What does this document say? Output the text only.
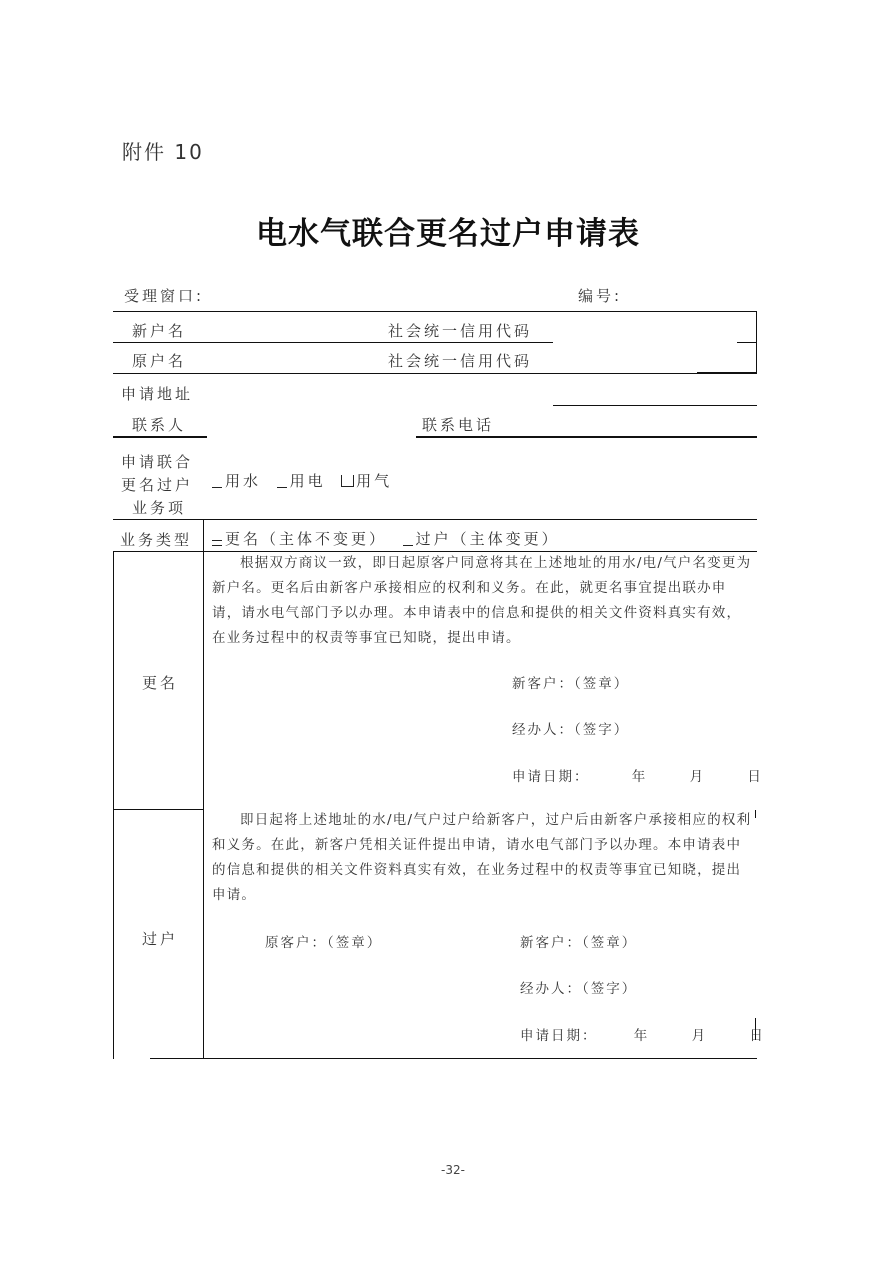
附件 10
电水气联合更名过户申请表
受理窗口:	编号:
新户名	社会统一信用代码
原户名	社会统一信用代码
申请地址
联系人	联系电话
申请联合
更名过户
业务项
用水 用电 用气
业务类型	更名（主体不变更） 过户（主体变更）
更名
根据双方商议一致，即日起原客户同意将其在上述地址的用水/电/气户名变更为新户名。更名后由新客户承接相应的权利和义务。在此，就更名事宜提出联办申请，请水电气部门予以办理。本申请表中的信息和提供的相关文件资料真实有效，在业务过程中的权责等事宜已知晓，提出申请。
新客户：（签章）
经办人：（签字）
申请日期：	年	月	日
过户
即日起将上述地址的水/电/气户过户给新客户，过户后由新客户承接相应的权利和义务。在此，新客户凭相关证件提出申请，请水电气部门予以办理。本申请表中的信息和提供的相关文件资料真实有效，在业务过程中的权责等事宜已知晓，提出申请。
原客户：（签章）	新客户：（签章）
经办人：（签字）
申请日期：	年	月	日
-32-
